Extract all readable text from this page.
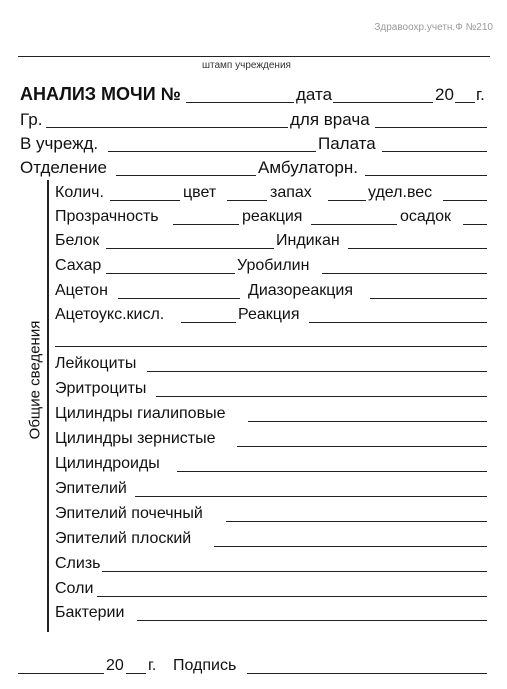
Здравоохр.учетн.Ф №210
штамп учреждения
АНАЛИЗ МОЧИ №	дата	20 г.
Гр.	для врача
В учрежд.	Палата
Отделение	Амбулаторн.
Общие сведения
Колич.	цвет	запах	удел.вес
Прозрачность	реакция	осадок
Белок	Индикан
Сахар	Уробилин
Ацетон	Диазореакция
Ацетоукс.кисл.	Реакция
Лейкоциты
Эритроциты
Цилиндры гиалиповые
Цилиндры зернистые
Цилиндроиды
Эпителий
Эпителий почечный
Эпителий плоский
Слизь
Соли
Бактерии
20 г. Подпись
